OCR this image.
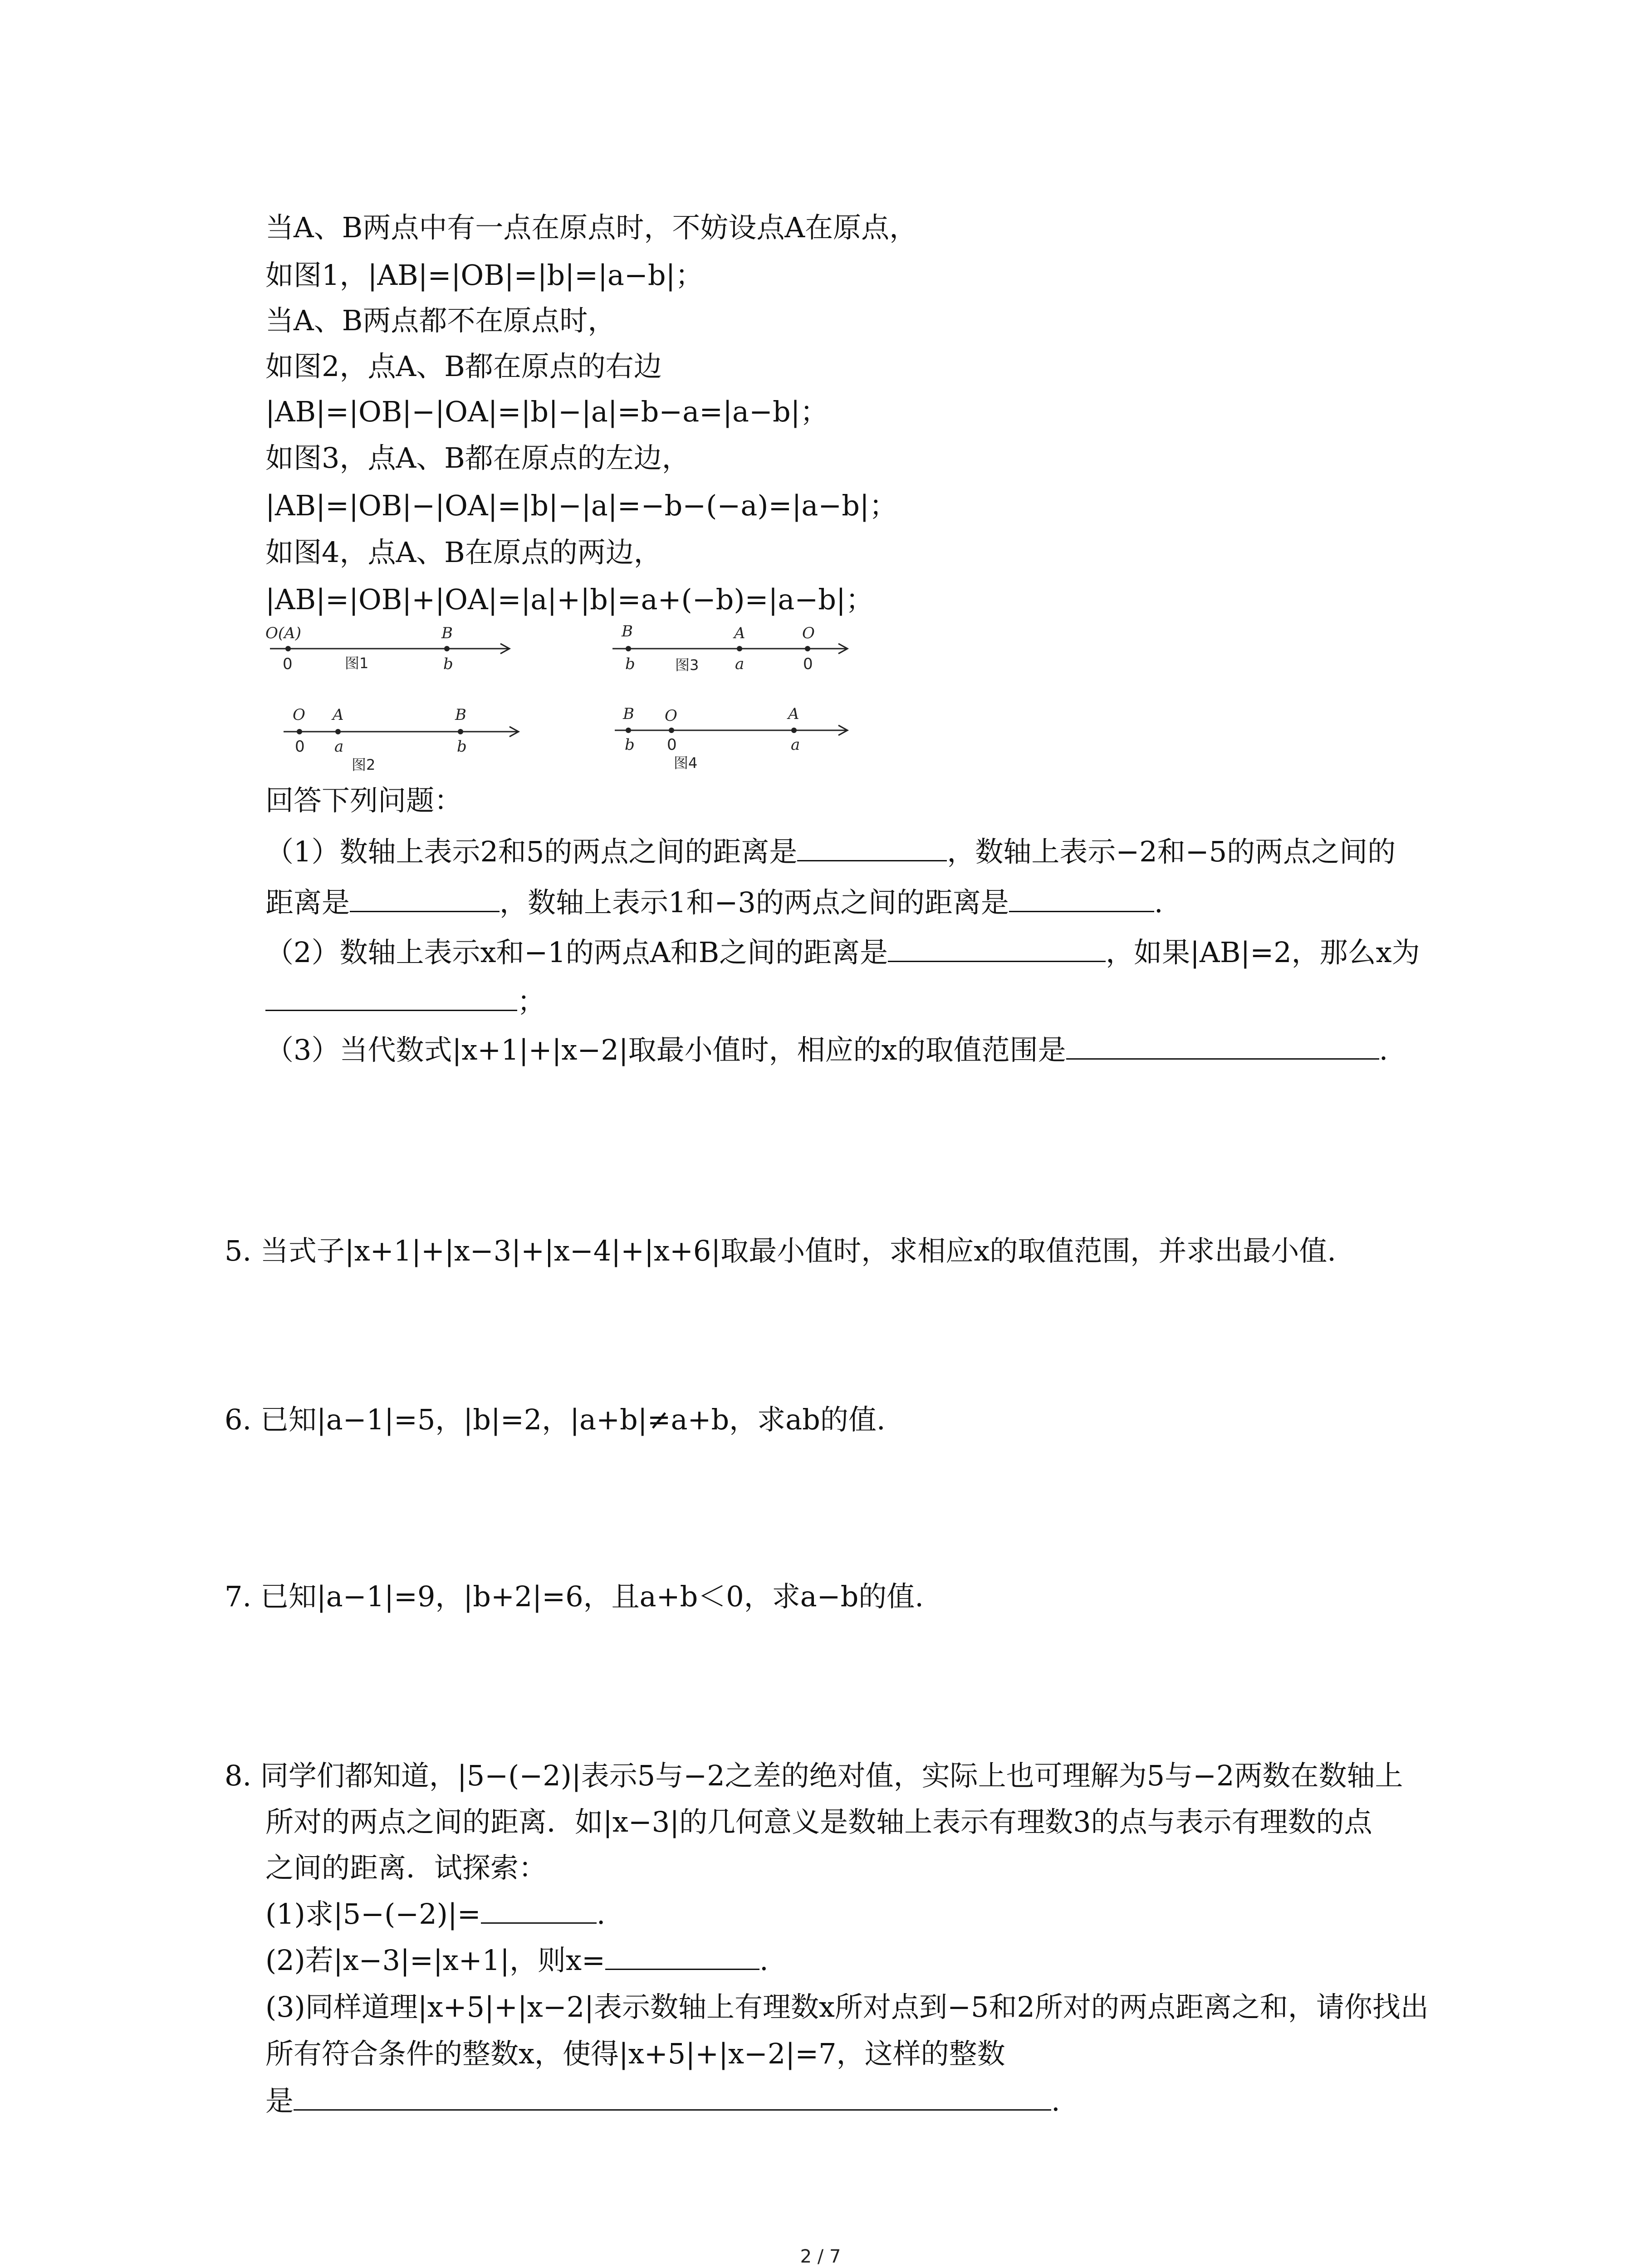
当A、B两点中有一点在原点时，不妨设点A在原点，
如图1，|AB|=|OB|=|b|=|a−b|；
当A、B两点都不在原点时，
如图2，点A、B都在原点的右边
|AB|=|OB|−|OA|=|b|−|a|=b−a=|a−b|；
如图3，点A、B都在原点的左边，
|AB|=|OB|−|OA|=|b|−|a|=−b−(−a)=|a−b|；
如图4，点A、B在原点的两边，
|AB|=|OB|+|OA|=|a|+|b|=a+(−b)=|a−b|；
O(A)	B
0	b
图1
O A	B
0 a	b
图2
B	A	O
b	a	0
图3
B O	A
b 0	a
图4
回答下列问题：
（1）数轴上表示2和5的两点之间的距离是	，数轴上表示−2和−5的两点之间的
距离是	，数轴上表示1和−3的两点之间的距离是	.
（2）数轴上表示x和−1的两点A和B之间的距离是	，如果|AB|=2，那么x为
；
（3）当代数式|x+1|+|x−2|取最小值时，相应的x的取值范围是	.
5. 当式子|x+1|+|x−3|+|x−4|+|x+6|取最小值时，求相应x的取值范围，并求出最小值.
6. 已知|a−1|=5，|b|=2，|a+b|≠a+b，求ab的值.
7. 已知|a−1|=9，|b+2|=6，且a+b＜0，求a−b的值.
8. 同学们都知道，|5−(−2)|表示5与−2之差的绝对值，实际上也可理解为5与−2两数在数轴上
所对的两点之间的距离．如|x−3|的几何意义是数轴上表示有理数3的点与表示有理数的点
之间的距离．试探索：
(1)求|5−(−2)|=	.
(2)若|x−3|=|x+1|，则x=	.
(3)同样道理|x+5|+|x−2|表示数轴上有理数x所对点到−5和2所对的两点距离之和，请你找出
所有符合条件的整数x，使得|x+5|+|x−2|=7，这样的整数
是	.
2 / 7
